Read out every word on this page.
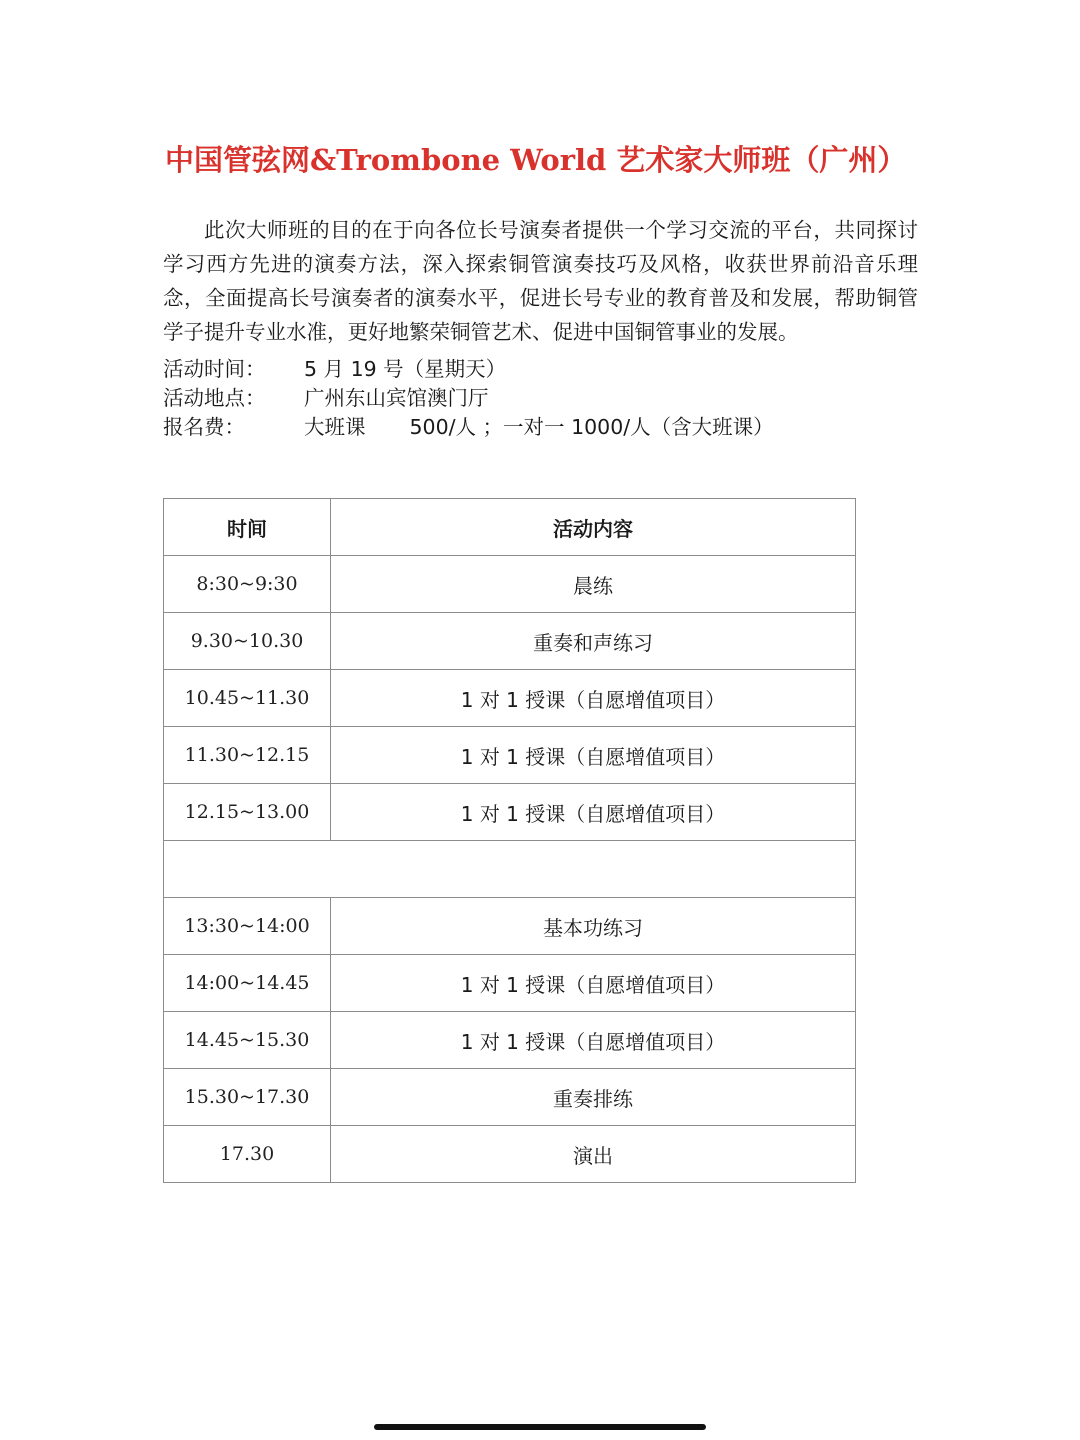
中国管弦网&Trombone World 艺术家大师班（广州）

此次大师班的目的在于向各位长号演奏者提供一个学习交流的平台，共同探讨学习西方先进的演奏方法，深入探索铜管演奏技巧及风格，收获世界前沿音乐理念，全面提高长号演奏者的演奏水平，促进长号专业的教育普及和发展，帮助铜管学子提升专业水准，更好地繁荣铜管艺术、促进中国铜管事业的发展。

活动时间：	5 月 19 号（星期天）
活动地点：	广州东山宾馆澳门厅
报名费：	大班课 500/人 ；一对一 1000/人（含大班课）
时间	活动内容
8:30~9:30	晨练
9.30~10.30	重奏和声练习
10.45~11.30	1 对 1 授课（自愿增值项目）
11.30~12.15	1 对 1 授课（自愿增值项目）
12.15~13.00	1 对 1 授课（自愿增值项目）

13:30~14:00	基本功练习
14:00~14.45	1 对 1 授课（自愿增值项目）
14.45~15.30	1 对 1 授课（自愿增值项目）
15.30~17.30	重奏排练
17.30	演出
